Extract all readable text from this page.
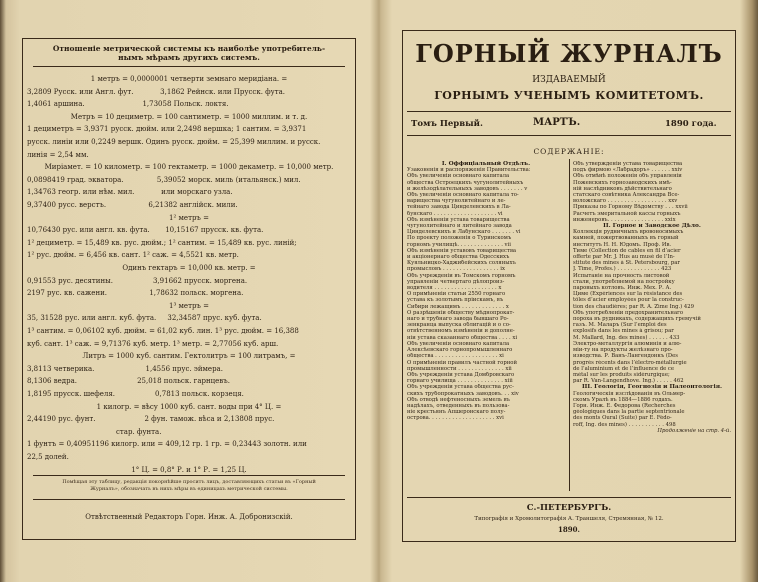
Отношеніе метрической системы къ наиболѣе употребитель-
нымъ мѣрамъ другихъ системъ.
1 метръ = 0,0000001 четверти земнаго меридіана. =
3,2809 Русск. или Англ. фут.            3,1862 Рейнск. или Прусск. фута.
1,4061 аршина.                          1,73058 Польск. локтя.
Метръ = 10 дециметр. = 100 сантиметр. = 1000 миллим. и т. д.
1 дециметръ = 3,9371 русск. дюйм. или 2,2498 вершка; 1 сантим. = 3,9371
русск. линіи или 0,2249 вершк. Одинъ русск. дюйм. = 25,399 миллим. и русск.
линія = 2,54 мм.
Миріамет. = 10 километр. = 100 гектаметр. = 1000 декаметр. = 10,000 метр.
0,0898419 град. экватора.               5,39052 морск. миль (итальянск.) мил.
1,34763 геогр. или нѣм. мил.            или морскаго узла.
9,37400 русс. верстъ.                   6,21382 англійск. мили.
1² метръ =
10,76430 рус. или англ. кв. фута.       10,15167 прусск. кв. фута.
1² дециметр. = 15,489 кв. рус. дюйм.; 1² сантим. = 15,489 кв. рус. линій;
1² рус. дюйм. = 6,456 кв. сант. 1² саж. = 4,5521 кв. метр.
Одинъ гектаръ = 10,000 кв. метр. =
0,91553 рус. десятины.                  3,91662 прусск. моргена.
2197 рус. кв. сажени.                   1,78632 польск. моргена.
1³ метръ =
35, 31528 рус. или англ. куб. фута.     32,34587 прус. куб. фута.
1³ сантим. = 0,06102 куб. дюйм. = 61,02 куб. лин. 1³ рус. дюйм. = 16,388
куб. сант. 1³ саж. = 9,71376 куб. метр. 1³ метр. = 2,77056 куб. арш.
Литръ = 1000 куб. сантим. Гектолитръ = 100 литрамъ, =
3,8113 четверика.                       1,4556 прус. эймера.
8,1306 ведра.                           25,018 польск. гарнцевъ.
1,8195 прусск. шефеля.                  0,7813 польск. корзеця.
1 килогр. = вѣсу 1000 куб. сант. воды при 4° Ц. =
2,44190 рус. фунт.                      2 фун. тамож. вѣса и 2,13808 прус.
стар. фунта.
1 фунтъ = 0,40951196 килогр. или = 409,12 гр. 1 гр. = 0,23443 золотн. или
22,5 долей.
1° Ц. = 0,8° Р. и 1° Р. = 1,25 Ц.
Помѣщая эту таблицу, редакція покорнѣйше проситъ лицъ, доставляющихъ статьи въ «Горный
Журналъ», обозначать въ нихъ мѣры въ единицахъ метрической системы.
Отвѣтственный Редакторъ Горн. Инж. А. Добронизскій.
ГОРНЫЙ ЖУРНАЛЪ
ИЗДАВАЕМЫЙ
ГОРНЫМЪ УЧЕНЫМЪ КОМИТЕТОМЪ.
Томъ Первый.	МАРТЪ.	1890 года.
СОДЕРЖАНІЕ:
I. Оффиціальный Отдѣлъ.
Узаконенія и распоряженія Правительства:
Объ увеличеніи основнаго капитала
общества Остроецкихъ чугунолитейныхъ
и желѣзодѣлательныхъ заводовъ . . . . . . . v
Объ увеличеніи основнаго капитала то-
варищества чугунолитейнаго и ле-
тейнаго завода Цинделевскихъ в Ла-
бунскаго . . . . . . . . . . . . . . . . . . . vi
Объ измѣненіи устава товарищества
чугунолитейнаго и литейнаго завода
Цинделевскихъ и Лабунскаго . . . . . . . vi
По проекту положенія о Туринскомъ
горномъ училищѣ. . . . . . . . . . . . . . vii
Объ измѣненіи уставовъ товарищества
и акціонернаго общества Одесскихъ
Куяльницко-Хаджибейскихъ соляныхъ
промысловъ . . . . . . . . . . . . . . . . . ix
Объ учрежденіи въ Томскомъ горномъ
управленіи четвертаго дѣлопроиз-
водителя . . . . . . . . . . . . . . . . . . . x
О примѣненіи статьи 2550 горнаго
устава къ золотымъ пріискамъ, въ
Сибири лежащимъ . . . . . . . . . . . . . x
О разрѣшеніи обществу мѣднопрокат-
наго и трубнаго завода бывшаго Ро-
зенкранца выпуска облигацій и о со-
отвѣтственномъ измѣненіи и дополне-
ніи устава сказаннаго общества . . . . xi
Объ увеличеніи основнаго капитала
Алексѣевскаго горнопромышленнаго
общества . . . . . . . . . . . . . . . . . . . xi
О примѣненіи правилъ частной горной
промышленности . . . . . . . . . . . . . . xii
Объ учрежденіи устава Домбровскаго
горнаго училища . . . . . . . . . . . . . . xiii
Объ учрежденіи устава общества рус-
скихъ трубопрокатныхъ заводовъ. . . xiv
Объ отводѣ нефтеносныхъ земель въ
надѣлахъ, отведенныхъ въ пользова-
ніе крестьянъ Апшеронскаго полу-
острова. . . . . . . . . . . . . . . . . . . . xvi
Объ утвержденіи устава товарищества
подъ фирмою «Лабрадоръ» . . . . . . xxiv
Объ отмѣнѣ положенія объ управленіи
Пожевскихъ горнозаводскихъ имѣ-
ній наслѣдниковъ дѣйствительнаго
статскаго совѣтника Александра Все-
воложскаго . . . . . . . . . . . . . . . . . . xxv
Приказы по Горному Вѣдомству . . . xxvii
Расчетъ эмеритальной кассы горныхъ
инженеровъ. . . . . . . . . . . . . . . . . xxix
II. Горное и Заводское Дѣло.
Коллекція рудничныхъ вровоносимыхъ
камней, пожертвованныхъ въ горный
институтъ Н. Н. Юдомъ. Проф. Ив.
Тиме (Collection de cables en fil d’acier
offerte par Mr. J. Hus au musé de l’In-
stitute des mines à St. Petersbourg, par
J. Time, Profes.) . . . . . . . . . . . . . 423
Испытаніе на прочность листовой
стали, употребляемой на постройку
паровыхъ котловъ. Инж. Мех. Р. А.
Циме (Expériences sur la résistance des
tôles d’acier employées pour la construc-
tion des chaudières; par R. A. Zime Ing.) 429
Объ употребленіи предохранительнаго
пороха въ рудникахъ, содержащихъ гремучій
газъ. М. Маларъ (Sur l’emploi des
explosifs dans les mines à grisou; par
M. Mallard, Ing. des mines) . . . . . . 433
Электро-металлургія алюминія и алю-
міи-ту на продукты желѣзнаго про-
изводства. Р. Ванъ-Лангендонкъ (Des
progrès récents dans l’électro-métallurgie
de l’aluminium et de l’influence de ce
métal sur les produits sidérurgique;
par R. Van-Langendhove. Ing.) . . . . . 462
III. Геологія, Геогнозія и Палеонтологія.
Геологическія изслѣдованія въ Ольмер-
скомъ Уралѣ въ 1884—1886 годахъ.
Горн. Инж. Е. Федорова (Recherches
géologiques dans la partie septentrionale
des monts Oural (Suite) par E. Fédo-
roff, Ing. des mines) . . . . . . . . . . . 498
Продолженіе на стр. 4-й.
С.-ПЕТЕРБУРГЪ.
Типографія и Хромолитографія А. Траншеля, Стремянная, № 12.
1890.
